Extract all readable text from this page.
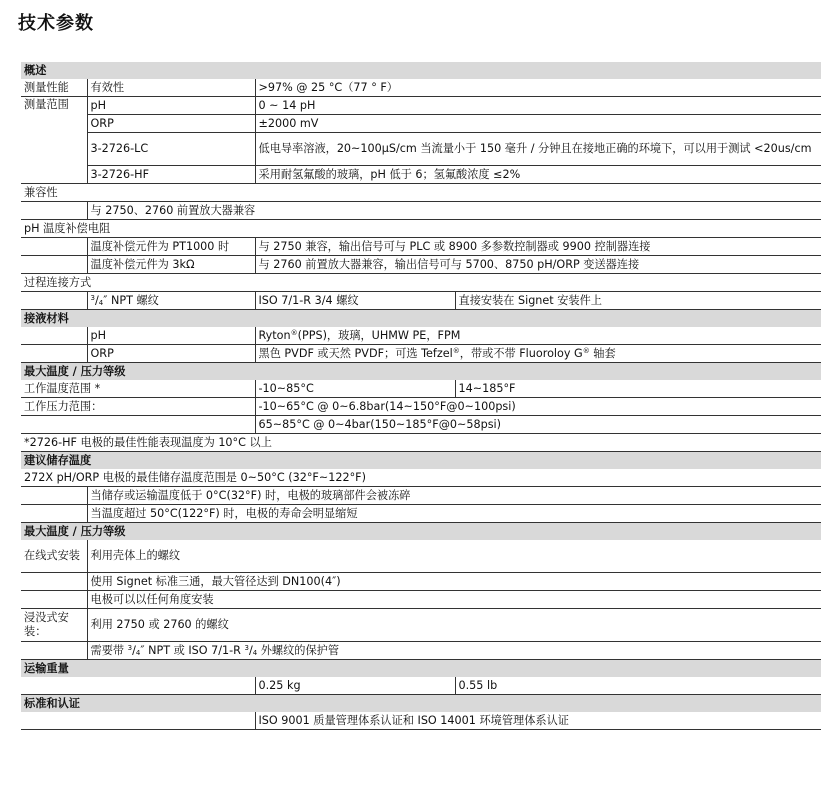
技术参数
概述			
测量性能	有效性	>97% @ 25 °C（77 ° F）	
测量范围	pH	0 ~ 14 pH	
	ORP	±2000 mV	
	3-2726-LC	低电导率溶液，20~100μS/cm 当流量小于 150 毫升 / 分钟且在接地正确的环境下，可以用于测试 <20us/cm	
	3-2726-HF	采用耐氢氟酸的玻璃，pH 低于 6；氢氟酸浓度 ≤2%	
兼容性			
	与 2750、2760 前置放大器兼容		
pH 温度补偿电阻			
	温度补偿元件为 PT1000 时	与 2750 兼容，输出信号可与 PLC 或 8900 多参数控制器或 9900 控制器连接	
	温度补偿元件为 3kΩ	与 2760 前置放大器兼容，输出信号可与 5700、8750 pH/ORP 变送器连接	
过程连接方式			
	$^3/_4''$ NPT 螺纹	ISO 7/1-R 3/4 螺纹	直接安装在 Signet 安装件上
接液材料			
	pH	Ryton®(PPS)，玻璃，UHMW PE，FPM	
	ORP	黑色 PVDF 或天然 PVDF；可选 Tefzel®，带或不带 Fluoroloy G® 轴套	
最大温度 / 压力等级			
工作温度范围 *		-10~85°C	14~185°F
工作压力范围：		-10~65°C @ 0~6.8bar(14~150°F@0~100psi)	
		65~85°C @ 0~4bar(150~185°F@0~58psi)	
*2726-HF 电极的最佳性能表现温度为 10°C 以上			
建议储存温度			
272X pH/ORP 电极的最佳储存温度范围是 0~50°C (32°F~122°F)			
	当储存或运输温度低于 0°C(32°F) 时，电极的玻璃部件会被冻碎		
	当温度超过 50°C(122°F) 时，电极的寿命会明显缩短		
最大温度 / 压力等级			
在线式安装	利用壳体上的螺纹		
	使用 Signet 标准三通，最大管径达到 DN100(4″)		
	电极可以以任何角度安装		
浸没式安装：	利用 2750 或 2760 的螺纹		
	需要带 $^3/_4''$ NPT 或 ISO 7/1-R $^3/_4$ 外螺纹的保护管		
运输重量			
		0.25 kg	0.55 lb
标准和认证			
		ISO 9001 质量管理体系认证和 ISO 14001 环境管理体系认证	
